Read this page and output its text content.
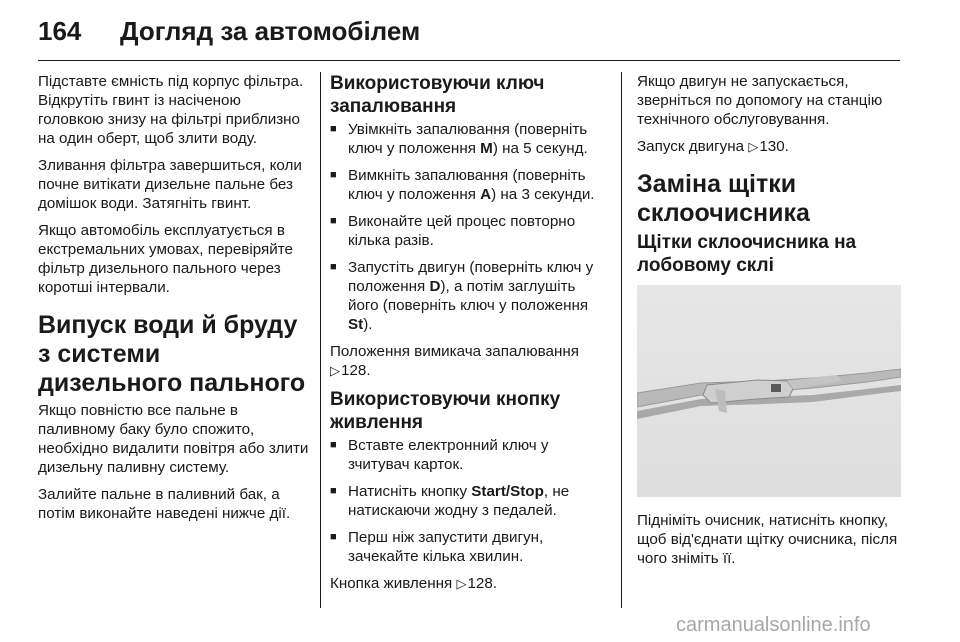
164 Догляд за автомобілем

Підставте ємність під корпус фільтра. Відкрутіть гвинт із насіченою головкою знизу на фільтрі приблизно на один оберт, щоб злити воду.

Зливання фільтра завершиться, коли почне витікати дизельне пальне без домішок води. Затягніть гвинт.

Якщо автомобіль експлуатується в екстремальних умовах, перевіряйте фільтр дизельного пального через коротші інтервали.

Випуск води й бруду з системи дизельного пального

Якщо повністю все пальне в паливному баку було спожито, необхідно видалити повітря або злити дизельну паливну систему.

Залийте пальне в паливний бак, а потім виконайте наведені нижче дії.

Використовуючи ключ запалювання
■ Увімкніть запалювання (поверніть ключ у положення M) на 5 секунд.
■ Вимкніть запалювання (поверніть ключ у положення A) на 3 секунди.
■ Виконайте цей процес повторно кілька разів.
■ Запустіть двигун (поверніть ключ у положення D), а потім заглушіть його (поверніть ключ у положення St).

Положення вимикача запалювання
▷ 128.

Використовуючи кнопку живлення
■ Вставте електронний ключ у зчитувач карток.
■ Натисніть кнопку Start/Stop, не натискаючи жодну з педалей.
■ Перш ніж запустити двигун, зачекайте кілька хвилин.

Кнопка живлення ▷ 128.

Якщо двигун не запускається, зверніться по допомогу на станцію технічного обслуговування.

Запуск двигуна ▷ 130.

Заміна щітки склоочисника
Щітки склоочисника на лобовому склі

Підніміть очисник, натисніть кнопку, щоб від'єднати щітку очисника, після чого зніміть її.

carmanualsonline.info
